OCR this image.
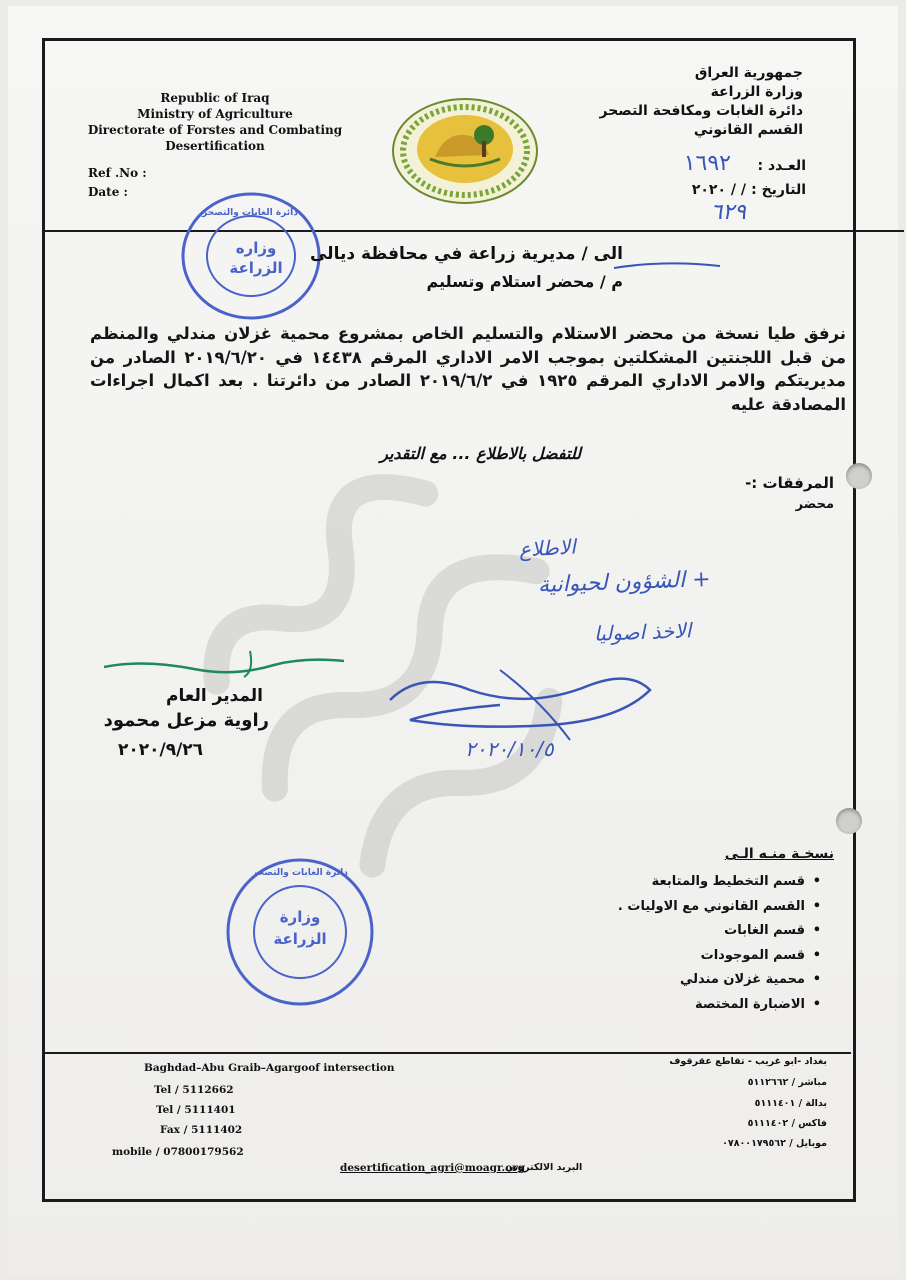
Republic of Iraq
Ministry of Agriculture
Directorate of Forstes and Combating
Desertification
Ref .No :
Date :
جمهورية العراق
وزارة الزراعة
دائرة الغابات ومكافحة التصحر
القسم القانوني
العـدد :
١٦٩٢
التاريخ :
/ / ٢٠٢٠
٦٢٩
وزاره
الزراعة
دائرة الغابات والتصحر
الى / مديرية زراعة في محافظة ديالى
م / محضر استلام وتسليم
نرفق طيا نسخة من محضر الاستلام والتسليم الخاص بمشروع محمية غزلان مندلي والمنظم من قبل اللجنتين المشكلتين بموجب الامر الاداري المرقم ١٤٤٣٨ في ٢٠١٩/٦/٢٠ الصادر من مديريتكم والامر الاداري المرقم ١٩٢٥ في ٢٠١٩/٦/٢ الصادر من دائرتنا . بعد اكمال اجراءات المصادقة عليه
للتفضل بالاطلاع ... مع التقدير
المرفقات :-
محضر
الاطلاع
+ الشؤون لحيوانية
الاخذ اصوليا
٢٠٢٠/١٠/٥
المدير العام
راوية مزعل محمود
٢٠٢٠/٩/٢٦
وزارة
الزراعة
دائرة الغابات والتصحر
نسخـة منـه الـى
• قسم التخطيط والمتابعة
• القسم القانوني مع الاوليات .
• قسم الغابات
• قسم الموجودات
• محمية غزلان مندلي
• الاضبارة المختصة
Baghdad–Abu Graib–Agargoof intersection
Tel / 5112662
Tel / 5111401
Fax / 5111402
mobile / 07800179562
بغداد -ابو غريب - تقاطع عقرقوف
مباشر / ٥١١٢٦٦٢
بدالة / ٥١١١٤٠١
فاكس / ٥١١١٤٠٢
موبايل / ٠٧٨٠٠١٧٩٥٦٢
desertification_agri@moagr.org
البريد الالكتروني
